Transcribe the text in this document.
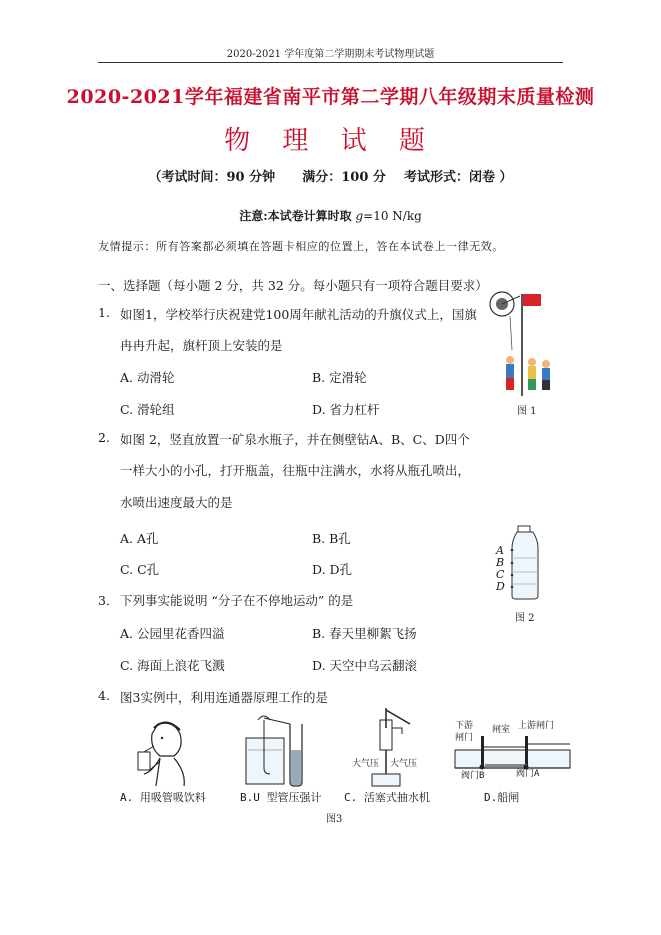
2020-2021 学年度第二学期期末考试物理试题
2020-2021学年福建省南平市第二学期八年级期末质量检测
物 理 试 题
（考试时间：90 分钟      满分：100 分    考试形式：闭卷 ）
注意:本试卷计算时取 g=10 N/kg
友情提示：所有答案都必须填在答题卡相应的位置上，答在本试卷上一律无效。
一、选择题（每小题 2 分，共 32 分。每小题只有一项符合题目要求）
1. 如图1，学校举行庆祝建党100周年献礼活动的升旗仪式上，国旗
冉冉升起，旗杆顶上安装的是
A. 动滑轮	B. 定滑轮
C. 滑轮组	D. 省力杠杆	图 1
2. 如图 2，竖直放置一矿泉水瓶子，并在侧壁钻A、B、C、D四个
一样大小的小孔，打开瓶盖，往瓶中注满水，水将从瓶孔喷出，
水喷出速度最大的是
A. A孔	B. B孔
C. C孔	D. D孔
A
B
C
D
图 2
3． 下列事实能说明 “分子在不停地运动” 的是
A. 公园里花香四溢	B. 春天里柳絮飞扬
C. 海面上浪花飞溅	D. 天空中乌云翻滚
4. 图3实例中，利用连通器原理工作的是
大气压 大气压
下游
闸门
闸室 上游闸门
阀门B	阀门A
A. 用吸管吸饮料	B.U 型管压强计 C. 活塞式抽水机	D.船闸
图3
